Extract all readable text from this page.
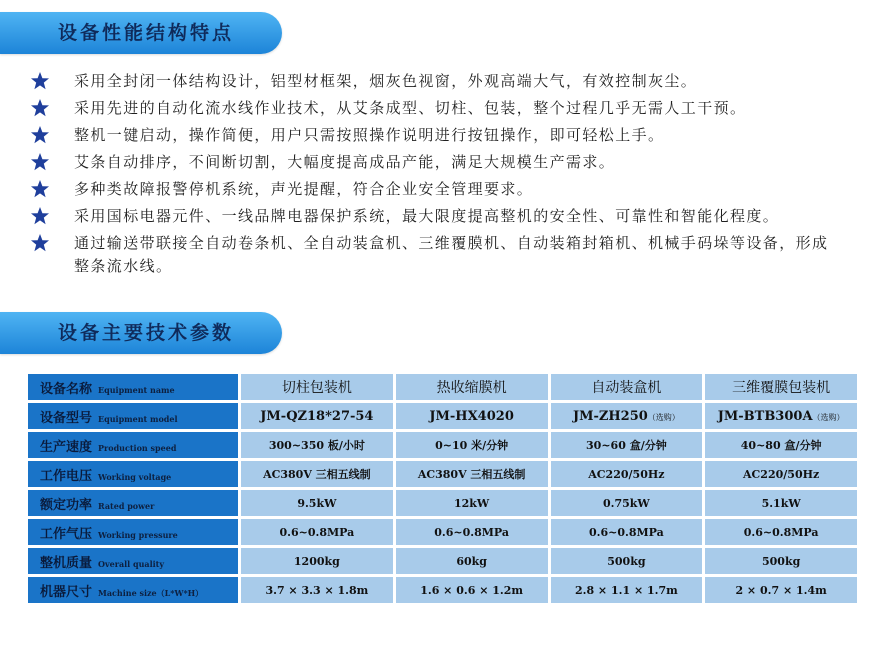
设备性能结构特点
采用全封闭一体结构设计，铝型材框架，烟灰色视窗，外观高端大气，有效控制灰尘。
采用先进的自动化流水线作业技术，从艾条成型、切柱、包装，整个过程几乎无需人工干预。
整机一键启动，操作简便，用户只需按照操作说明进行按钮操作，即可轻松上手。
艾条自动排序，不间断切割，大幅度提高成品产能，满足大规模生产需求。
多种类故障报警停机系统，声光提醒，符合企业安全管理要求。
采用国标电器元件、一线品牌电器保护系统，最大限度提高整机的安全性、可靠性和智能化程度。
通过输送带联接全自动卷条机、全自动装盒机、三维覆膜机、自动装箱封箱机、机械手码垛等设备，形成整条流水线。
设备主要技术参数
设备名称 Equipment name	切柱包装机	热收缩膜机	自动装盒机	三维覆膜包装机
设备型号 Equipment model	JM-QZ18*27-54	JM-HX4020	JM-ZH250（选购）	JM-BTB300A（选购）
生产速度 Production speed	300~350 板/小时	0~10 米/分钟	30~60 盒/分钟	40~80 盒/分钟
工作电压 Working voltage	AC380V 三相五线制	AC380V 三相五线制	AC220/50Hz	AC220/50Hz
额定功率 Rated power	9.5kW	12kW	0.75kW	5.1kW
工作气压 Working pressure	0.6~0.8MPa	0.6~0.8MPa	0.6~0.8MPa	0.6~0.8MPa
整机质量 Overall quality	1200kg	60kg	500kg	500kg
机器尺寸 Machine size（L*W*H）	3.7 × 3.3 × 1.8m	1.6 × 0.6 × 1.2m	2.8 × 1.1 × 1.7m	2 × 0.7 × 1.4m
